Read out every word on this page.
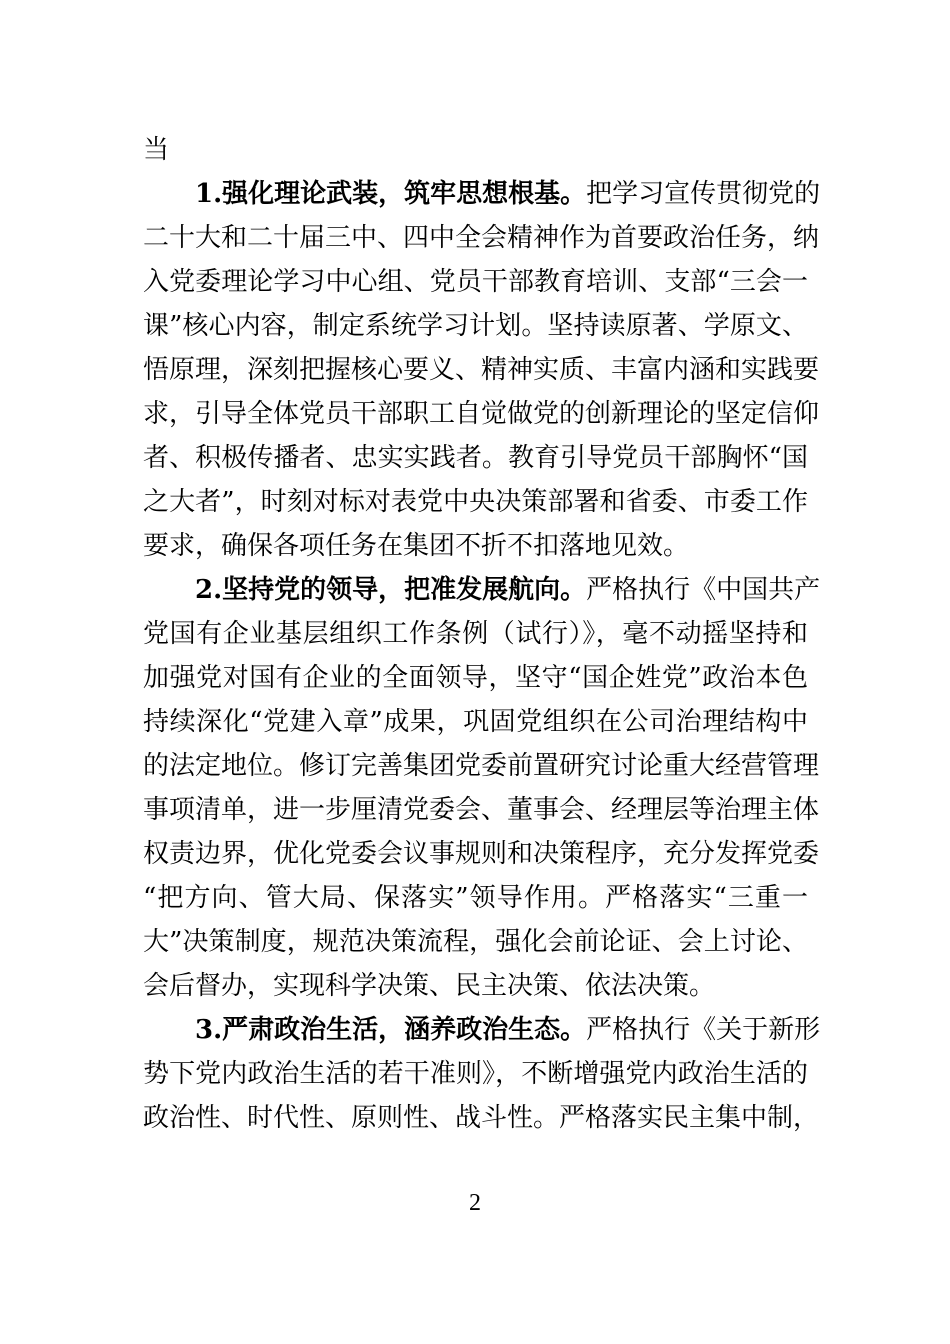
当
1.强化理论武装，筑牢思想根基。把学习宣传贯彻党的
二十大和二十届三中、四中全会精神作为首要政治任务，纳
入党委理论学习中心组、党员干部教育培训、支部“三会一
课”核心内容，制定系统学习计划。坚持读原著、学原文、
悟原理，深刻把握核心要义、精神实质、丰富内涵和实践要
求，引导全体党员干部职工自觉做党的创新理论的坚定信仰
者、积极传播者、忠实实践者。教育引导党员干部胸怀“国
之大者”，时刻对标对表党中央决策部署和省委、市委工作
要求，确保各项任务在集团不折不扣落地见效。
2.坚持党的领导，把准发展航向。严格执行《中国共产
党国有企业基层组织工作条例（试行）》，毫不动摇坚持和
加强党对国有企业的全面领导，坚守“国企姓党”政治本色
持续深化“党建入章”成果，巩固党组织在公司治理结构中
的法定地位。修订完善集团党委前置研究讨论重大经营管理
事项清单，进一步厘清党委会、董事会、经理层等治理主体
权责边界，优化党委会议事规则和决策程序，充分发挥党委
“把方向、管大局、保落实”领导作用。严格落实“三重一
大”决策制度，规范决策流程，强化会前论证、会上讨论、
会后督办，实现科学决策、民主决策、依法决策。
3.严肃政治生活，涵养政治生态。严格执行《关于新形
势下党内政治生活的若干准则》，不断增强党内政治生活的
政治性、时代性、原则性、战斗性。严格落实民主集中制，
2
